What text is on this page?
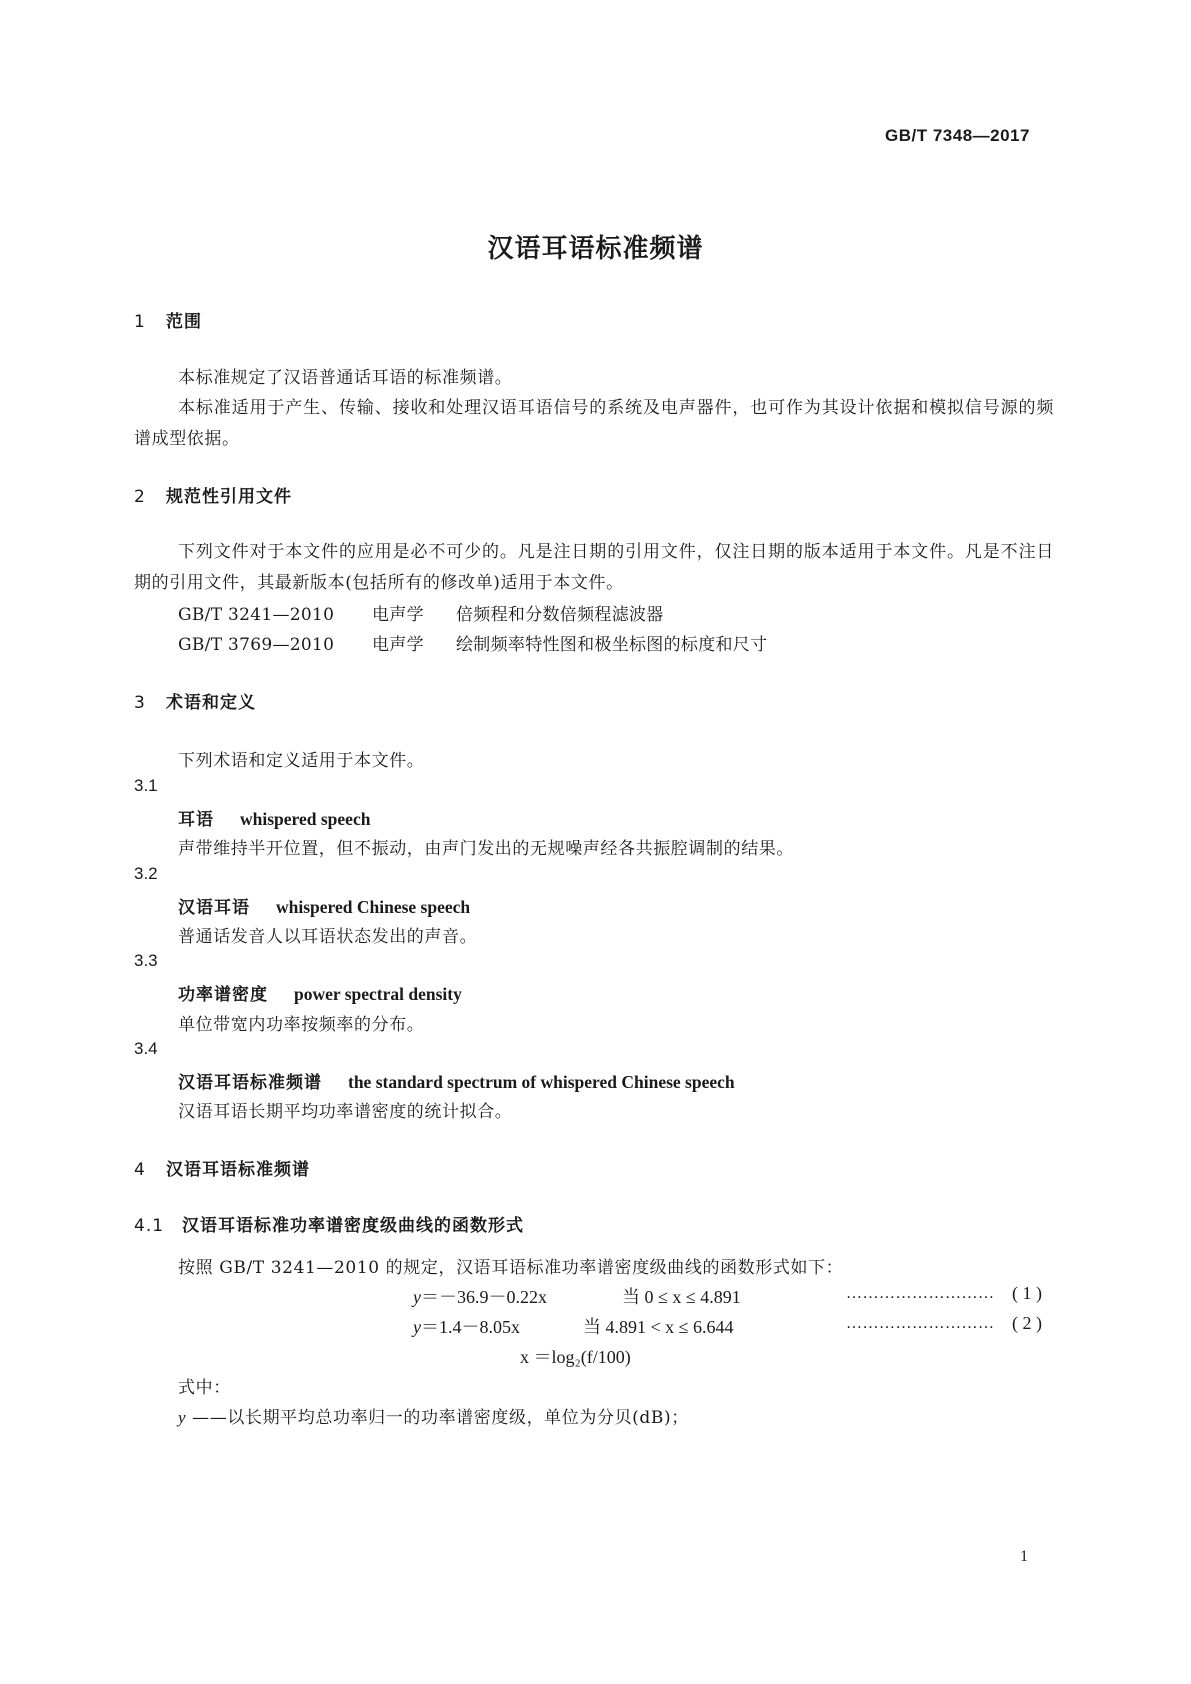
GB/T 7348—2017
汉语耳语标准频谱
1 范围
本标准规定了汉语普通话耳语的标准频谱。
本标准适用于产生、传输、接收和处理汉语耳语信号的系统及电声器件，也可作为其设计依据和模拟信号源的频谱成型依据。
2 规范性引用文件
下列文件对于本文件的应用是必不可少的。凡是注日期的引用文件，仅注日期的版本适用于本文件。凡是不注日期的引用文件，其最新版本(包括所有的修改单)适用于本文件。
GB/T 3241—2010 电声学 倍频程和分数倍频程滤波器
GB/T 3769—2010 电声学 绘制频率特性图和极坐标图的标度和尺寸
3 术语和定义
下列术语和定义适用于本文件。
3.1
耳语 whispered speech
声带维持半开位置，但不振动，由声门发出的无规噪声经各共振腔调制的结果。
3.2
汉语耳语 whispered Chinese speech
普通话发音人以耳语状态发出的声音。
3.3
功率谱密度 power spectral density
单位带宽内功率按频率的分布。
3.4
汉语耳语标准频谱 the standard spectrum of whispered Chinese speech
汉语耳语长期平均功率谱密度的统计拟合。
4 汉语耳语标准频谱
4.1 汉语耳语标准功率谱密度级曲线的函数形式
按照 GB/T 3241—2010 的规定，汉语耳语标准功率谱密度级曲线的函数形式如下：
y＝－36.9－0.22x	当 0 ≤ x ≤ 4.891	……………………… ( 1 )
y＝1.4－8.05x	当 4.891 < x ≤ 6.644	……………………… ( 2 )
x ＝log₂(f/100)
式中：
y ——以长期平均总功率归一的功率谱密度级，单位为分贝(dB)；
1
